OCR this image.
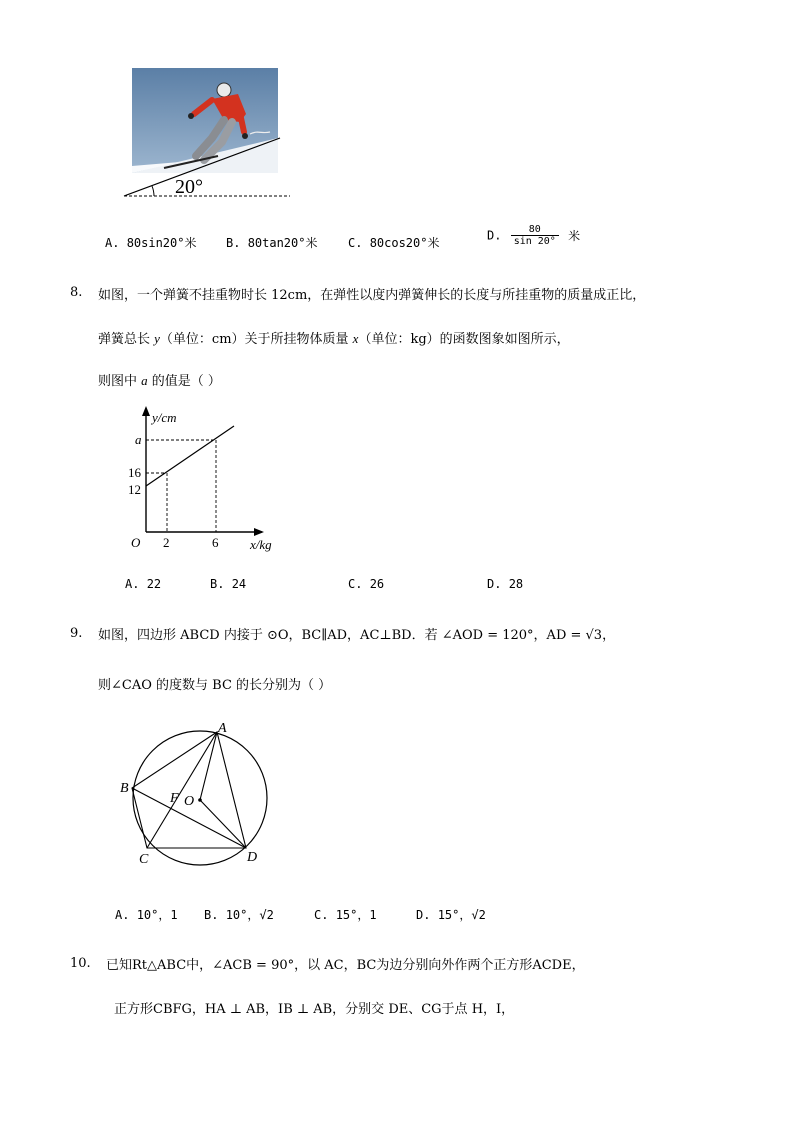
20°
A. 80sin20°米 B. 80tan20°米	C. 80cos20°米
D. $\frac{80}{\sin 20^\circ}$ 米
8. 如图，一个弹簧不挂重物时长 12cm，在弹性以度内弹簧伸长的长度与所挂重物的质量成正比，
弹簧总长 y（单位：cm）关于所挂物体质量 x（单位：kg）的函数图象如图所示，
则图中 a 的值是（ ）
y/cm
x/kg
O
a
16
12
2	6
A. 22	B. 24	C. 26	D. 28
9. 如图，四边形 ABCD 内接于 ⊙O，BC∥AD，AC⊥BD．若 ∠AOD = 120°，AD = √3，
则∠CAO 的度数与 BC 的长分别为（ ）
A
B
C	D
F O
A. 10°，1 B. 10°，√2	C. 15°，1	D. 15°，√2
10. 已知Rt△ABC中，∠ACB = 90°，以 AC，BC为边分别向外作两个正方形ACDE，
正方形CBFG，HA ⊥ AB，IB ⊥ AB，分别交 DE、CG于点 H，I，
